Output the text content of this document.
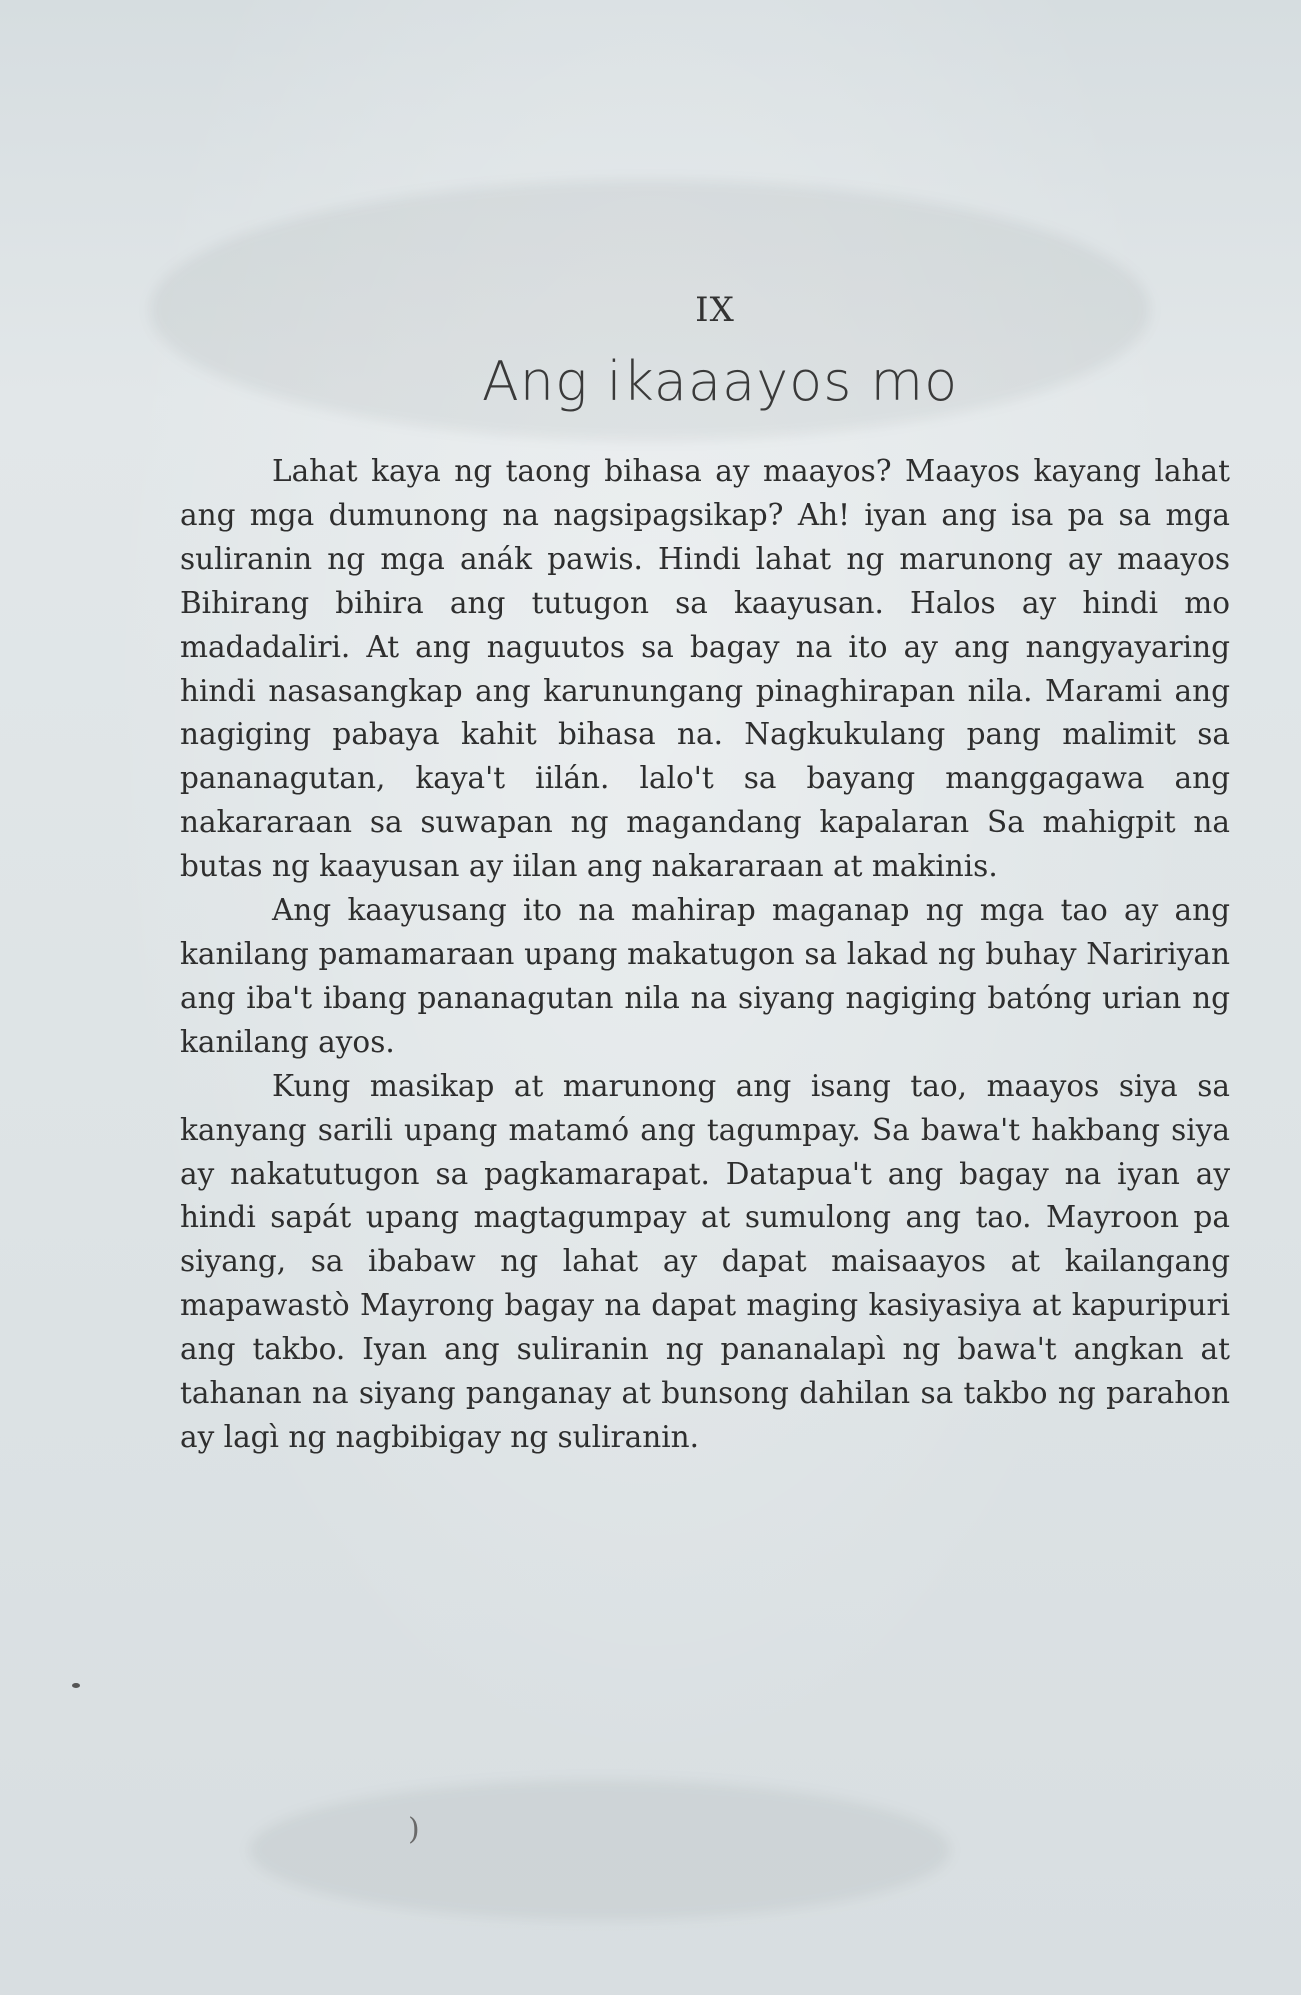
)
IX
Ang ikaaayos mo

Lahat kaya ng taong bihasa ay maayos? Maayos kayang lahat ang mga dumunong na nagsipagsikap? Ah! iyan ang isa pa sa mga suliranin ng mga anák pawis. Hindi lahat ng marunong ay maayos Bihirang bihira ang tutugon sa kaayusan. Halos ay hindi mo madadaliri. At ang naguutos sa bagay na ito ay ang nangyayaring hindi nasasangkap ang karunungang pinaghirapan nila. Marami ang nagiging pabaya kahit bihasa na. Nagkukulang pang malimit sa pananagutan, kaya't iilán. lalo't sa bayang manggagawa ang nakararaan sa suwapan ng magandang kapalaran Sa mahigpit na butas ng kaayusan ay iilan ang nakararaan at makinis.

Ang kaayusang ito na mahirap maganap ng mga tao ay ang kanilang pamamaraan upang makatugon sa lakad ng buhay Naririyan ang iba't ibang pananagutan nila na siyang nagiging batóng urian ng kanilang ayos.

Kung masikap at marunong ang isang tao, maayos siya sa kanyang sarili upang matamó ang tagumpay. Sa bawa't hakbang siya ay nakatutugon sa pagkamarapat. Datapua't ang bagay na iyan ay hindi sapát upang magtagumpay at sumulong ang tao. Mayroon pa siyang, sa ibabaw ng lahat ay dapat maisaayos at kailangang mapawastò Mayrong bagay na dapat maging kasiyasiya at kapuripuri ang takbo. Iyan ang suliranin ng pananalapì ng bawa't angkan at tahanan na siyang panganay at bunsong dahilan sa takbo ng parahon ay lagì ng nagbibigay ng suliranin.
